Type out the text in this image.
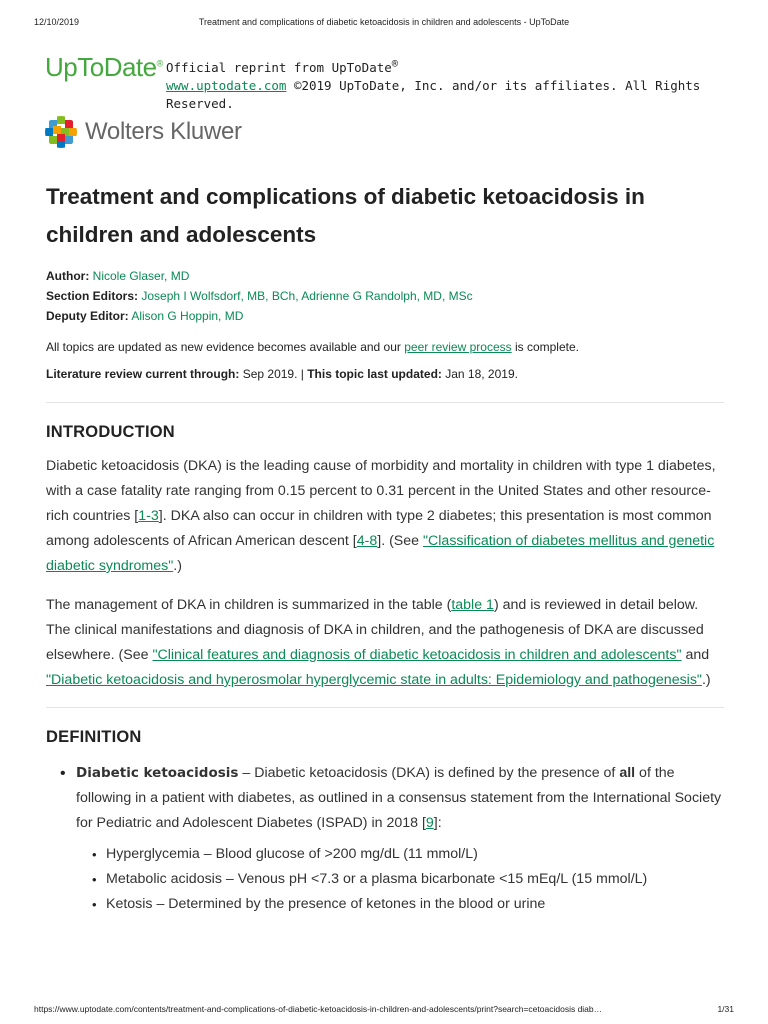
12/10/2019	Treatment and complications of diabetic ketoacidosis in children and adolescents - UpToDate
UpToDate® Official reprint from UpToDate®
www.uptodate.com ©2019 UpToDate, Inc. and/or its affiliates. All Rights Reserved.
Wolters Kluwer
Treatment and complications of diabetic ketoacidosis in children and adolescents
Author: Nicole Glaser, MD
Section Editors: Joseph I Wolfsdorf, MB, BCh, Adrienne G Randolph, MD, MSc
Deputy Editor: Alison G Hoppin, MD
All topics are updated as new evidence becomes available and our peer review process is complete.
Literature review current through: Sep 2019. | This topic last updated: Jan 18, 2019.
INTRODUCTION

Diabetic ketoacidosis (DKA) is the leading cause of morbidity and mortality in children with type 1 diabetes, with a case fatality rate ranging from 0.15 percent to 0.31 percent in the United States and other resource-rich countries [1-3]. DKA also can occur in children with type 2 diabetes; this presentation is most common among adolescents of African American descent [4-8]. (See "Classification of diabetes mellitus and genetic diabetic syndromes".)

The management of DKA in children is summarized in the table (table 1) and is reviewed in detail below. The clinical manifestations and diagnosis of DKA in children, and the pathogenesis of DKA are discussed elsewhere. (See "Clinical features and diagnosis of diabetic ketoacidosis in children and adolescents" and "Diabetic ketoacidosis and hyperosmolar hyperglycemic state in adults: Epidemiology and pathogenesis".)

DEFINITION
• Diabetic ketoacidosis – Diabetic ketoacidosis (DKA) is defined by the presence of all of the following in a patient with diabetes, as outlined in a consensus statement from the International Society for Pediatric and Adolescent Diabetes (ISPAD) in 2018 [9]:
• Hyperglycemia – Blood glucose of >200 mg/dL (11 mmol/L)
• Metabolic acidosis – Venous pH <7.3 or a plasma bicarbonate <15 mEq/L (15 mmol/L)
• Ketosis – Determined by the presence of ketones in the blood or urine
https://www.uptodate.com/contents/treatment-and-complications-of-diabetic-ketoacidosis-in-children-and-adolescents/print?search=cetoacidosis diab…	1/31
